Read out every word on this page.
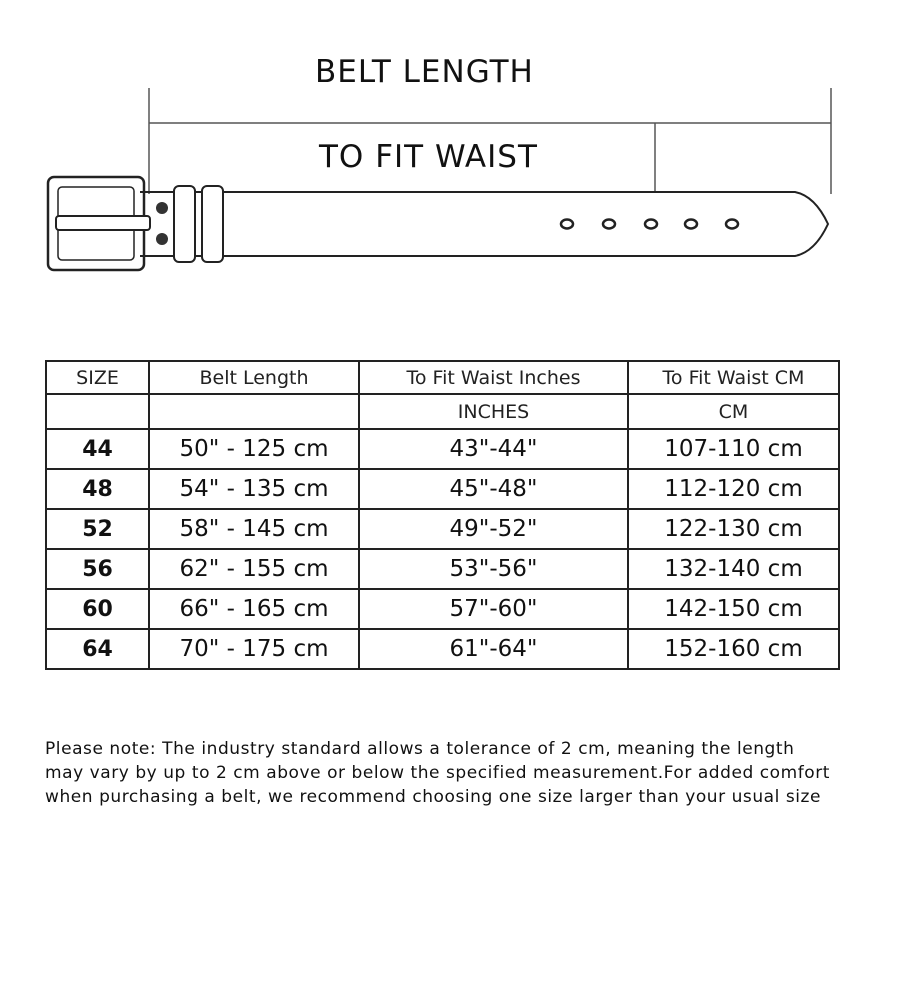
BELT LENGTH
TO FIT WAIST
SIZE	Belt Length	To Fit Waist Inches	To Fit Waist CM
		INCHES	CM
44	50" - 125 cm	43"-44"	107-110 cm
48	54" - 135 cm	45"-48"	112-120 cm
52	58" - 145 cm	49"-52"	122-130 cm
56	62" - 155 cm	53"-56"	132-140 cm
60	66" - 165 cm	57"-60"	142-150 cm
64	70" - 175 cm	61"-64"	152-160 cm
Please note: The industry standard allows a tolerance of 2 cm, meaning the length
may vary by up to 2 cm above or below the specified measurement.For added comfort
when purchasing a belt, we recommend choosing one size larger than your usual size
